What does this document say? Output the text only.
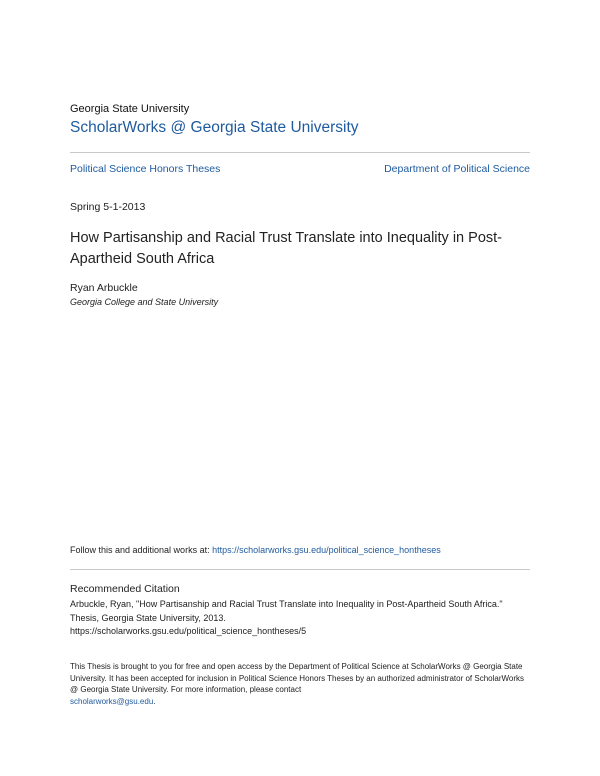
Georgia State University
ScholarWorks @ Georgia State University
Political Science Honors Theses	Department of Political Science
Spring 5-1-2013
How Partisanship and Racial Trust Translate into Inequality in Post-Apartheid South Africa
Ryan Arbuckle
Georgia College and State University
Follow this and additional works at: https://scholarworks.gsu.edu/political_science_hontheses
Recommended Citation

Arbuckle, Ryan, "How Partisanship and Racial Trust Translate into Inequality in Post-Apartheid South Africa." Thesis, Georgia State University, 2013.

https://scholarworks.gsu.edu/political_science_hontheses/5

This Thesis is brought to you for free and open access by the Department of Political Science at ScholarWorks @ Georgia State University. It has been accepted for inclusion in Political Science Honors Theses by an authorized administrator of ScholarWorks @ Georgia State University. For more information, please contact
scholarworks@gsu.edu.
